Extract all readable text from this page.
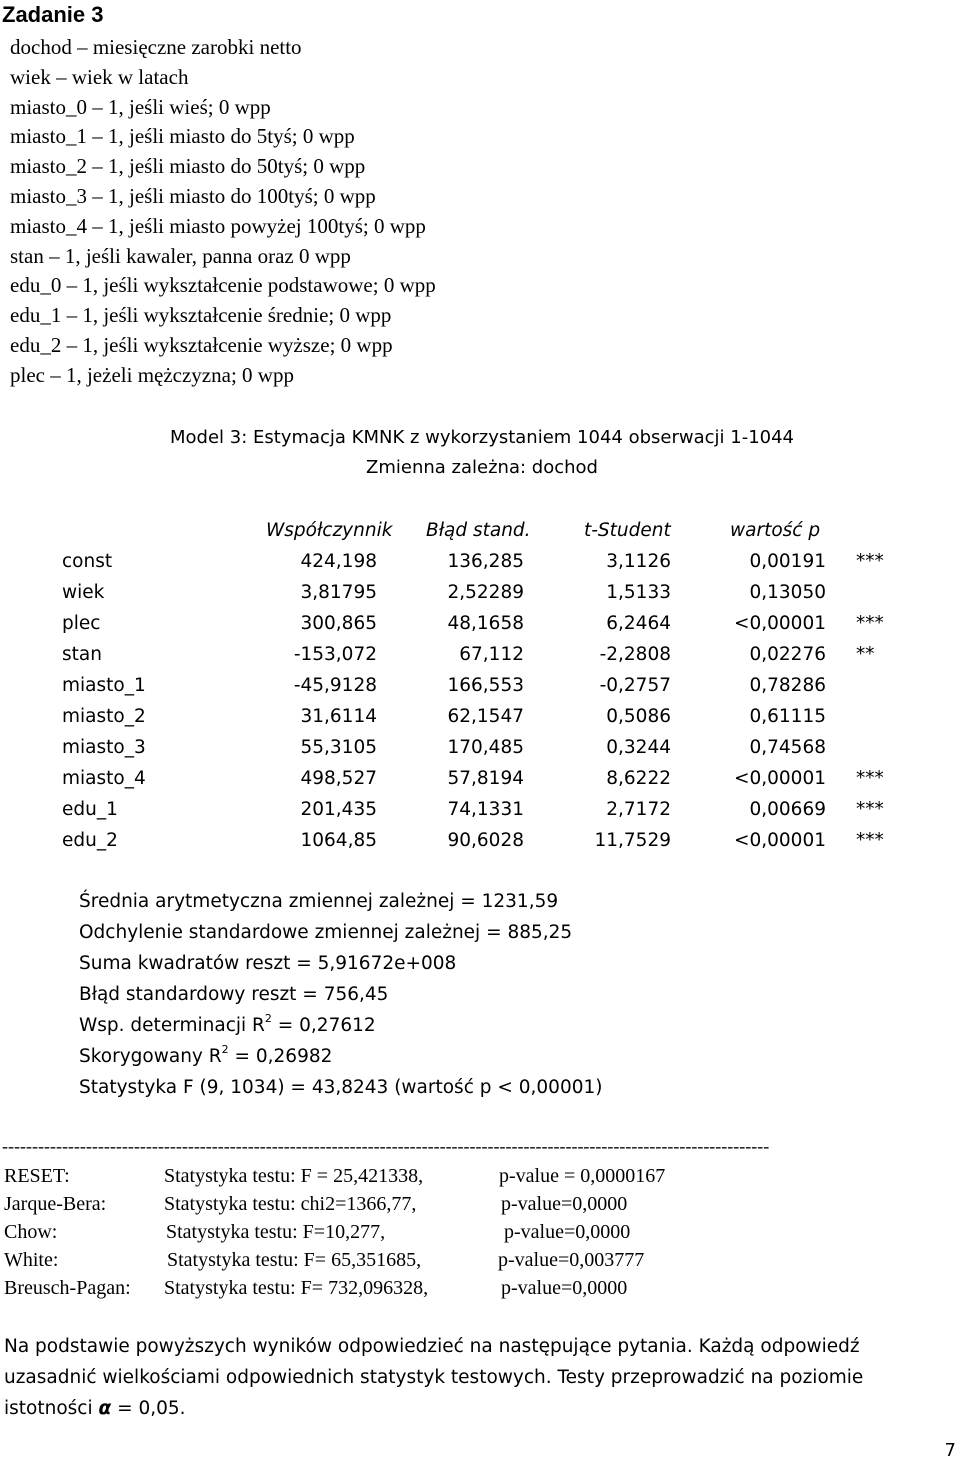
Zadanie 3
dochod – miesięczne zarobki netto
wiek – wiek w latach
miasto_0 – 1, jeśli wieś; 0 wpp
miasto_1 – 1, jeśli miasto do 5tyś; 0 wpp
miasto_2 – 1, jeśli miasto do 50tyś; 0 wpp
miasto_3 – 1, jeśli miasto do 100tyś; 0 wpp
miasto_4 – 1, jeśli miasto powyżej 100tyś; 0 wpp
stan – 1, jeśli kawaler, panna oraz 0 wpp
edu_0 – 1, jeśli wykształcenie podstawowe; 0 wpp
edu_1 – 1, jeśli wykształcenie średnie; 0 wpp
edu_2 – 1, jeśli wykształcenie wyższe; 0 wpp
plec – 1, jeżeli mężczyzna; 0 wpp
Model 3: Estymacja KMNK z wykorzystaniem 1044 obserwacji 1-1044
Zmienna zależna: dochod
Współczynnik Błąd stand.	t-Student	wartość p
const	424,198	136,285	3,1126	0,00191 ***
wiek	3,81795	2,52289	1,5133	0,13050
plec	300,865	48,1658	6,2464	<0,00001 ***
stan	-153,072	67,112	-2,2808	0,02276 **
miasto_1	-45,9128	166,553	-0,2757	0,78286
miasto_2	31,6114	62,1547	0,5086	0,61115
miasto_3	55,3105	170,485	0,3244	0,74568
miasto_4	498,527	57,8194	8,6222	<0,00001 ***
edu_1	201,435	74,1331	2,7172	0,00669 ***
edu_2	1064,85	90,6028	11,7529	<0,00001 ***
Średnia arytmetyczna zmiennej zależnej = 1231,59
Odchylenie standardowe zmiennej zależnej = 885,25
Suma kwadratów reszt = 5,91672e+008
Błąd standardowy reszt = 756,45
Wsp. determinacji $R^2 = 0,27612$
Skorygowany $R^2 = 0,26982$
Statystyka F (9, 1034) = 43,8243 (wartość p < 0,00001)
--------------------------------------------------------------------------------------------------------------------------------
RESET:	Statystyka testu: F = 25,421338,	p-value = 0,0000167
Jarque-Bera:	Statystyka testu: chi2=1366,77,	p-value=0,0000
Chow:	Statystyka testu: F=10,277,	p-value=0,0000
White:	Statystyka testu: F= 65,351685,	p-value=0,003777
Breusch-Pagan: Statystyka testu: F= 732,096328,	p-value=0,0000
Na podstawie powyższych wyników odpowiedzieć na następujące pytania. Każdą odpowiedź
uzasadnić wielkościami odpowiednich statystyk testowych. Testy przeprowadzić na poziomie
istotności α = 0,05.
7
